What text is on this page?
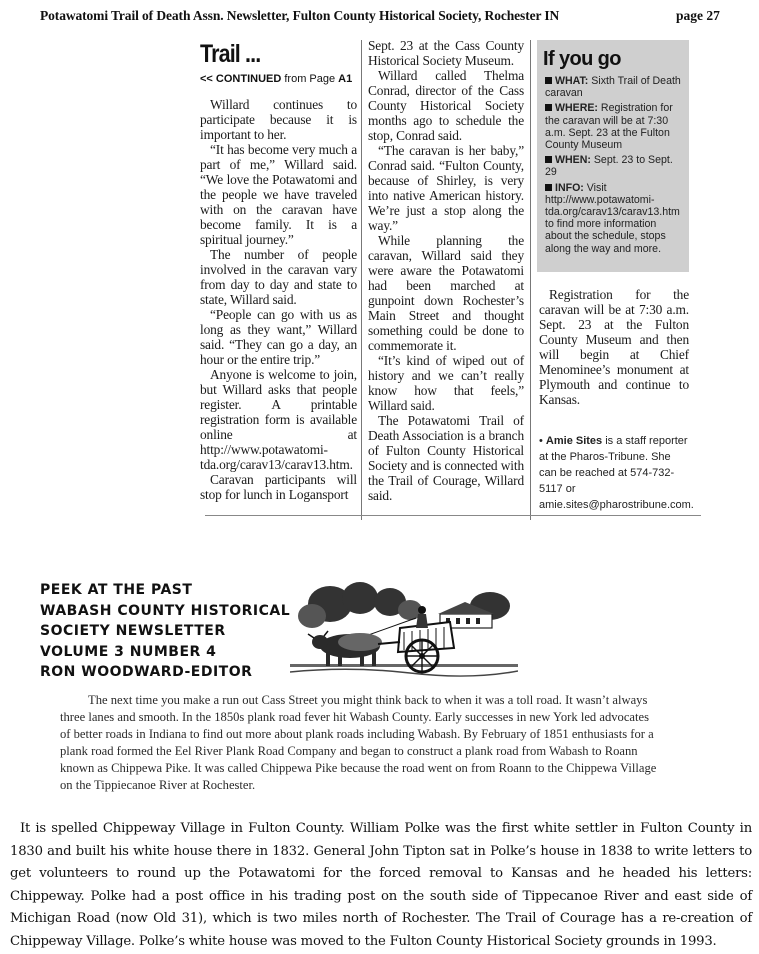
Potawatomi Trail of Death Assn. Newsletter, Fulton County Historical Society, Rochester IN	page 27
Trail ...
<< CONTINUED from Page A1

Willard continues to participate because it is important to her.

“It has become very much a part of me,” Willard said. “We love the Potawatomi and the people we have traveled with on the caravan have become family. It is a spiritual journey.”

The number of people involved in the caravan vary from day to day and state to state, Willard said.

“People can go with us as long as they want,” Willard said. “They can go a day, an hour or the entire trip.”

Anyone is welcome to join, but Willard asks that people register. A printable registration form is available online at http://www.potawatomi-tda.org/carav13/carav13.htm.

Caravan participants will stop for lunch in Logansport

Sept. 23 at the Cass County Historical Society Museum.

Willard called Thelma Conrad, director of the Cass County Historical Society months ago to schedule the stop, Conrad said.

“The caravan is her baby,” Conrad said. “Fulton County, because of Shirley, is very into native American history. We’re just a stop along the way.”

While planning the caravan, Willard said they were aware the Potawatomi had been marched at gunpoint down Rochester’s Main Street and thought something could be done to commemorate it.

“It’s kind of wiped out of history and we can’t really know how that feels,” Willard said.

The Potawatomi Trail of Death Association is a branch of Fulton County Historical Society and is connected with the Trail of Courage, Willard said.

If you go
WHAT: Sixth Trail of Death caravan
WHERE: Registration for the caravan will be at 7:30 a.m. Sept. 23 at the Fulton County Museum
WHEN: Sept. 23 to Sept. 29
INFO: Visit http://www.potawatomi-tda.org/carav13/carav13.htm to find more information about the schedule, stops along the way and more.

Registration for the caravan will be at 7:30 a.m. Sept. 23 at the Fulton County Museum and then will begin at Chief Menominee’s monument at Plymouth and continue to Kansas.

• Amie Sites is a staff reporter at the Pharos-Tribune. She can be reached at 574-732-5117 or amie.sites@pharostribune.com.
PEEK AT THE PAST
WABASH COUNTY HISTORICAL
SOCIETY NEWSLETTER
VOLUME 3 NUMBER 4
RON WOODWARD-EDITOR
The next time you make a run out Cass Street you might think back to when it was a toll road. It wasn’t always three lanes and smooth. In the 1850s plank road fever hit Wabash County. Early successes in new York led advocates of better roads in Indiana to find out more about plank roads including Wabash. By February of 1851 enthusiasts for a plank road formed the Eel River Plank Road Company and began to construct a plank road from Wabash to Roann known as Chippewa Pike. It was called Chippewa Pike because the road went on from Roann to the Chippewa Village on the Tippiecanoe River at Rochester.
It is spelled Chippeway Village in Fulton County. William Polke was the first white settler in Fulton County in 1830 and built his white house there in 1832. General John Tipton sat in Polke’s house in 1838 to write letters to get volunteers to round up the Potawatomi for the forced removal to Kansas and he headed his letters: Chippeway. Polke had a post office in his trading post on the south side of Tippecanoe River and east side of Michigan Road (now Old 31), which is two miles north of Rochester. The Trail of Courage has a re-creation of Chippeway Village. Polke’s white house was moved to the Fulton County Historical Society grounds in 1993.
